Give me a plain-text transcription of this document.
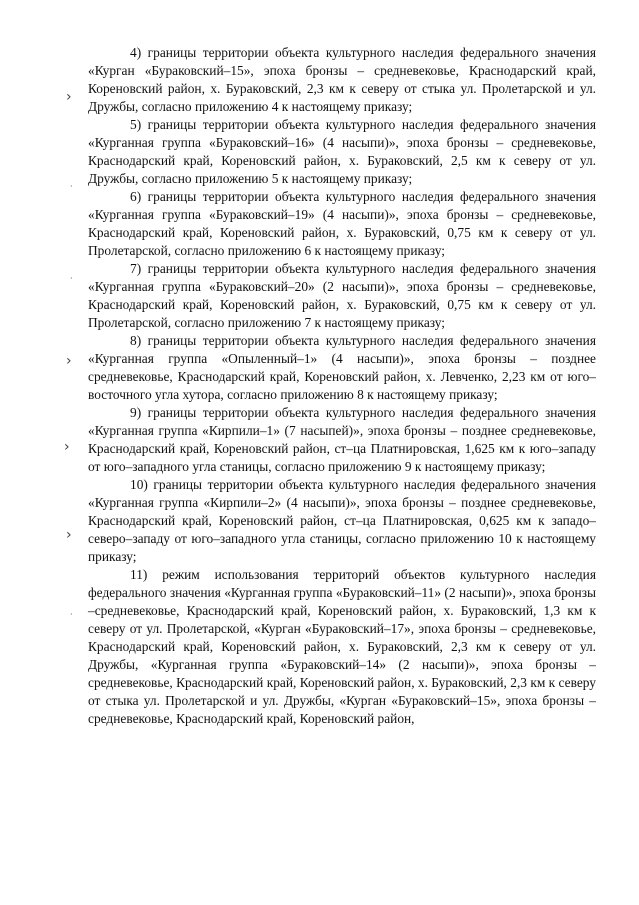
4) границы территории объекта культурного наследия федерального значения «Курган «Бураковский–15», эпоха бронзы – средневековье, Краснодарский край, Кореновский район, х. Бураковский, 2,3 км к северу от стыка ул. Пролетарской и ул. Дружбы, согласно приложению 4 к настоящему приказу;

5) границы территории объекта культурного наследия федерального значения «Курганная группа «Бураковский–16» (4 насыпи)», эпоха бронзы – средневековье, Краснодарский край, Кореновский район, х. Бураковский, 2,5 км к северу от ул. Дружбы, согласно приложению 5 к настоящему приказу;

6) границы территории объекта культурного наследия федерального значения «Курганная группа «Бураковский–19» (4 насыпи)», эпоха бронзы – средневековье, Краснодарский край, Кореновский район, х. Бураковский, 0,75 км к северу от ул. Пролетарской, согласно приложению 6 к настоящему приказу;

7) границы территории объекта культурного наследия федерального значения «Курганная группа «Бураковский–20» (2 насыпи)», эпоха бронзы – средневековье, Краснодарский край, Кореновский район, х. Бураковский, 0,75 км к северу от ул. Пролетарской, согласно приложению 7 к настоящему приказу;

8) границы территории объекта культурного наследия федерального значения «Курганная группа «Опыленный–1» (4 насыпи)», эпоха бронзы – позднее средневековье, Краснодарский край, Кореновский район, х. Левченко, 2,23 км от юго–восточного угла хутора, согласно приложению 8 к настоящему приказу;

9) границы территории объекта культурного наследия федерального значения «Курганная группа «Кирпили–1» (7 насыпей)», эпоха бронзы – позднее средневековье, Краснодарский край, Кореновский район, ст–ца Платнировская, 1,625 км к юго–западу от юго–западного угла станицы, согласно приложению 9 к настоящему приказу;

10) границы территории объекта культурного наследия федерального значения «Курганная группа «Кирпили–2» (4 насыпи)», эпоха бронзы – позднее средневековье, Краснодарский край, Кореновский район, ст–ца Платнировская, 0,625 км к западо–северо–западу от юго–западного угла станицы, согласно приложению 10 к настоящему приказу;

11) режим использования территорий объектов культурного наследия федерального значения «Курганная группа «Бураковский–11» (2 насыпи)», эпоха бронзы –средневековье, Краснодарский край, Кореновский район, х. Бураковский, 1,3 км к северу от ул. Пролетарской, «Курган «Бураковский–17», эпоха бронзы – средневековье, Краснодарский край, Кореновский район, х. Бураковский, 2,3 км к северу от ул. Дружбы, «Курганная группа «Бураковский–14» (2 насыпи)», эпоха бронзы –средневековье, Краснодарский край, Кореновский район, х. Бураковский, 2,3 км к северу от стыка ул. Пролетарской и ул. Дружбы, «Курган «Бураковский–15», эпоха бронзы – средневековье, Краснодарский край, Кореновский район,

›
·
·
›
›
›
·
